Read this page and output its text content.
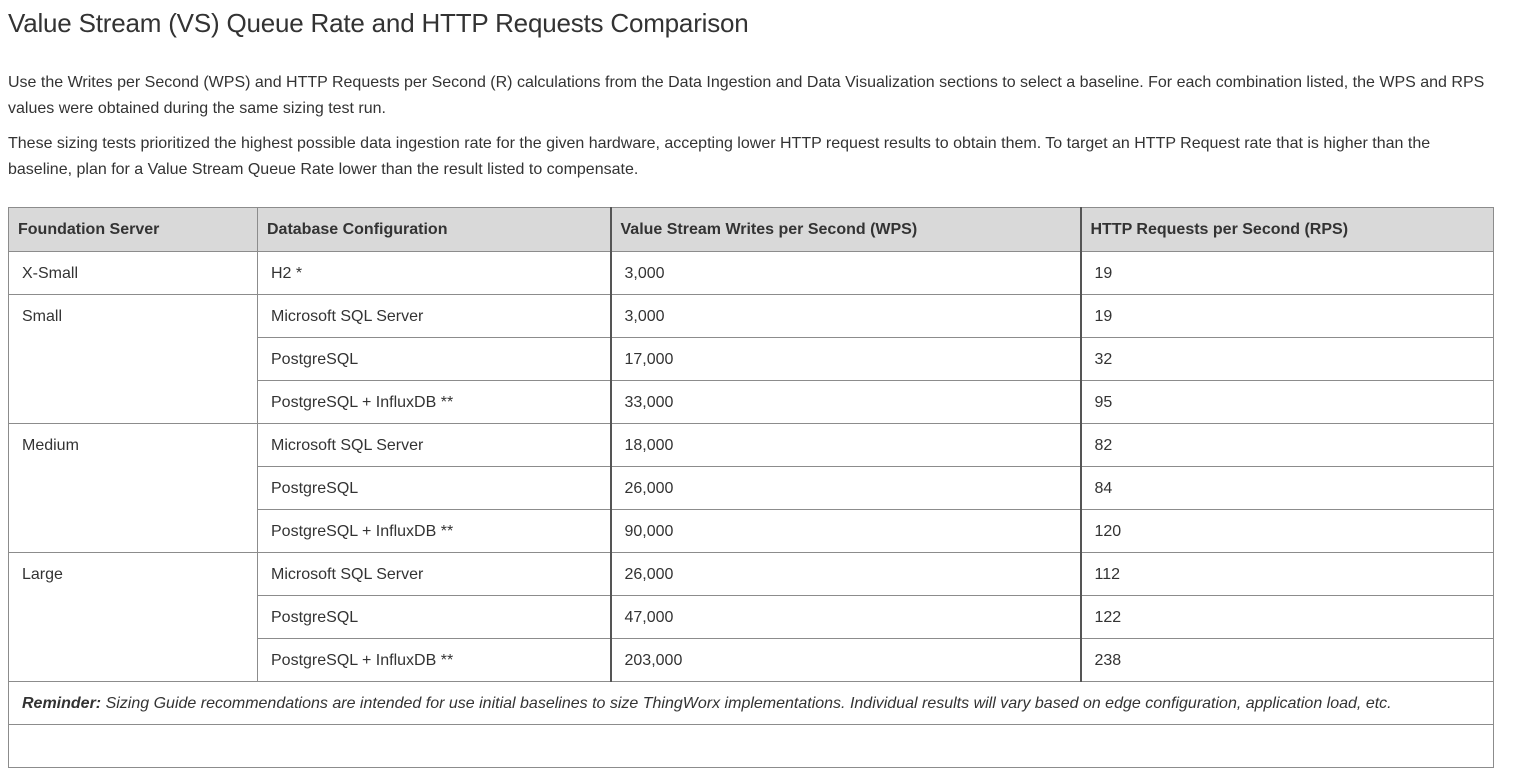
Value Stream (VS) Queue Rate and HTTP Requests Comparison

Use the Writes per Second (WPS) and HTTP Requests per Second (R) calculations from the Data Ingestion and Data Visualization sections to select a baseline. For each combination listed, the WPS and RPS values were obtained during the same sizing test run.

These sizing tests prioritized the highest possible data ingestion rate for the given hardware, accepting lower HTTP request results to obtain them. To target an HTTP Request rate that is higher than the baseline, plan for a Value Stream Queue Rate lower than the result listed to compensate.

Foundation Server	Database Configuration	Value Stream Writes per Second (WPS)	HTTP Requests per Second (RPS)
X-Small	H2 *	3,000	19
Small	Microsoft SQL Server	3,000	19
	PostgreSQL	17,000	32
	PostgreSQL + InfluxDB **	33,000	95
Medium	Microsoft SQL Server	18,000	82
	PostgreSQL	26,000	84
	PostgreSQL + InfluxDB **	90,000	120
Large	Microsoft SQL Server	26,000	112
	PostgreSQL	47,000	122
	PostgreSQL + InfluxDB **	203,000	238
Reminder: Sizing Guide recommendations are intended for use initial baselines to size ThingWorx implementations. Individual results will vary based on edge configuration, application load, etc.			
